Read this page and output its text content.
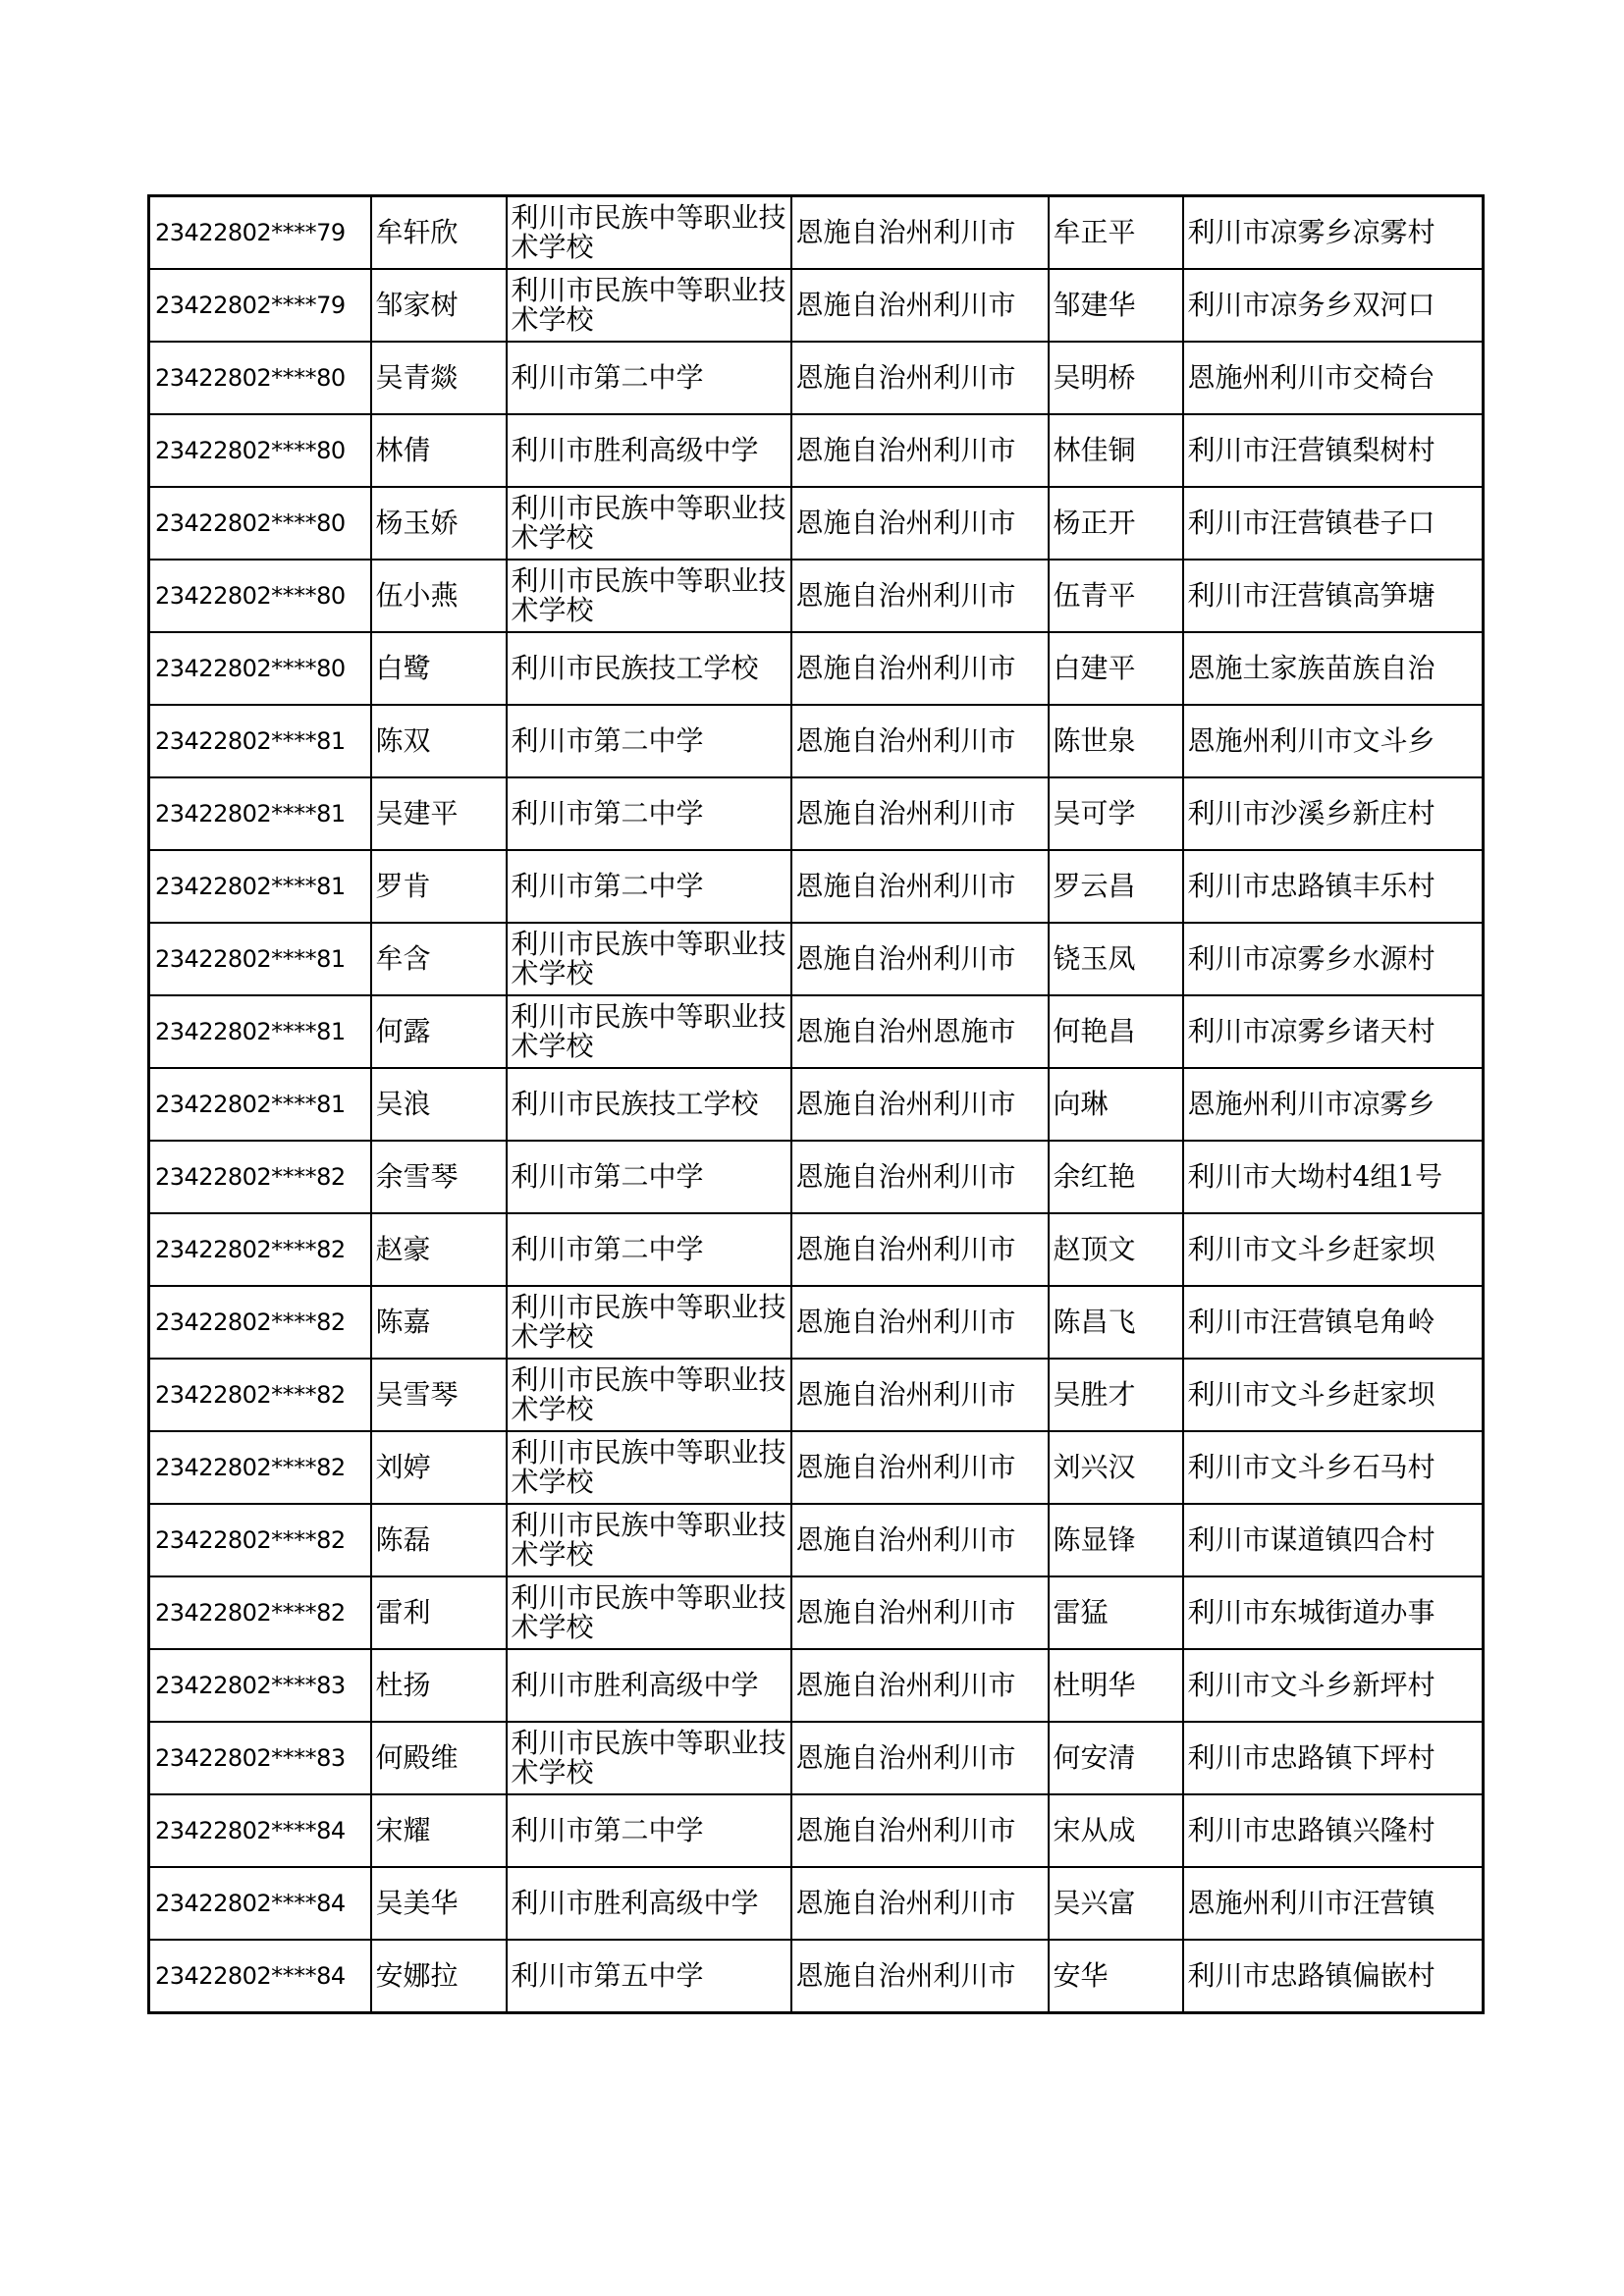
23422802****79	牟轩欣	利川市民族中等职业技术学校	恩施自治州利川市	牟正平	利川市凉雾乡凉雾村
23422802****79	邹家树	利川市民族中等职业技术学校	恩施自治州利川市	邹建华	利川市凉务乡双河口
23422802****80	吴青燚	利川市第二中学	恩施自治州利川市	吴明桥	恩施州利川市交椅台
23422802****80	林倩	利川市胜利高级中学	恩施自治州利川市	林佳铜	利川市汪营镇梨树村
23422802****80	杨玉娇	利川市民族中等职业技术学校	恩施自治州利川市	杨正开	利川市汪营镇巷子口
23422802****80	伍小燕	利川市民族中等职业技术学校	恩施自治州利川市	伍青平	利川市汪营镇高笋塘
23422802****80	白鹭	利川市民族技工学校	恩施自治州利川市	白建平	恩施土家族苗族自治
23422802****81	陈双	利川市第二中学	恩施自治州利川市	陈世泉	恩施州利川市文斗乡
23422802****81	吴建平	利川市第二中学	恩施自治州利川市	吴可学	利川市沙溪乡新庄村
23422802****81	罗肯	利川市第二中学	恩施自治州利川市	罗云昌	利川市忠路镇丰乐村
23422802****81	牟含	利川市民族中等职业技术学校	恩施自治州利川市	铙玉凤	利川市凉雾乡水源村
23422802****81	何露	利川市民族中等职业技术学校	恩施自治州恩施市	何艳昌	利川市凉雾乡诸天村
23422802****81	吴浪	利川市民族技工学校	恩施自治州利川市	向琳	恩施州利川市凉雾乡
23422802****82	余雪琴	利川市第二中学	恩施自治州利川市	余红艳	利川市大坳村4组1号
23422802****82	赵豪	利川市第二中学	恩施自治州利川市	赵顶文	利川市文斗乡赶家坝
23422802****82	陈嘉	利川市民族中等职业技术学校	恩施自治州利川市	陈昌飞	利川市汪营镇皂角岭
23422802****82	吴雪琴	利川市民族中等职业技术学校	恩施自治州利川市	吴胜才	利川市文斗乡赶家坝
23422802****82	刘婷	利川市民族中等职业技术学校	恩施自治州利川市	刘兴汉	利川市文斗乡石马村
23422802****82	陈磊	利川市民族中等职业技术学校	恩施自治州利川市	陈显锋	利川市谋道镇四合村
23422802****82	雷利	利川市民族中等职业技术学校	恩施自治州利川市	雷猛	利川市东城街道办事
23422802****83	杜扬	利川市胜利高级中学	恩施自治州利川市	杜明华	利川市文斗乡新坪村
23422802****83	何殿维	利川市民族中等职业技术学校	恩施自治州利川市	何安清	利川市忠路镇下坪村
23422802****84	宋耀	利川市第二中学	恩施自治州利川市	宋从成	利川市忠路镇兴隆村
23422802****84	吴美华	利川市胜利高级中学	恩施自治州利川市	吴兴富	恩施州利川市汪营镇
23422802****84	安娜拉	利川市第五中学	恩施自治州利川市	安华	利川市忠路镇偏嵌村
